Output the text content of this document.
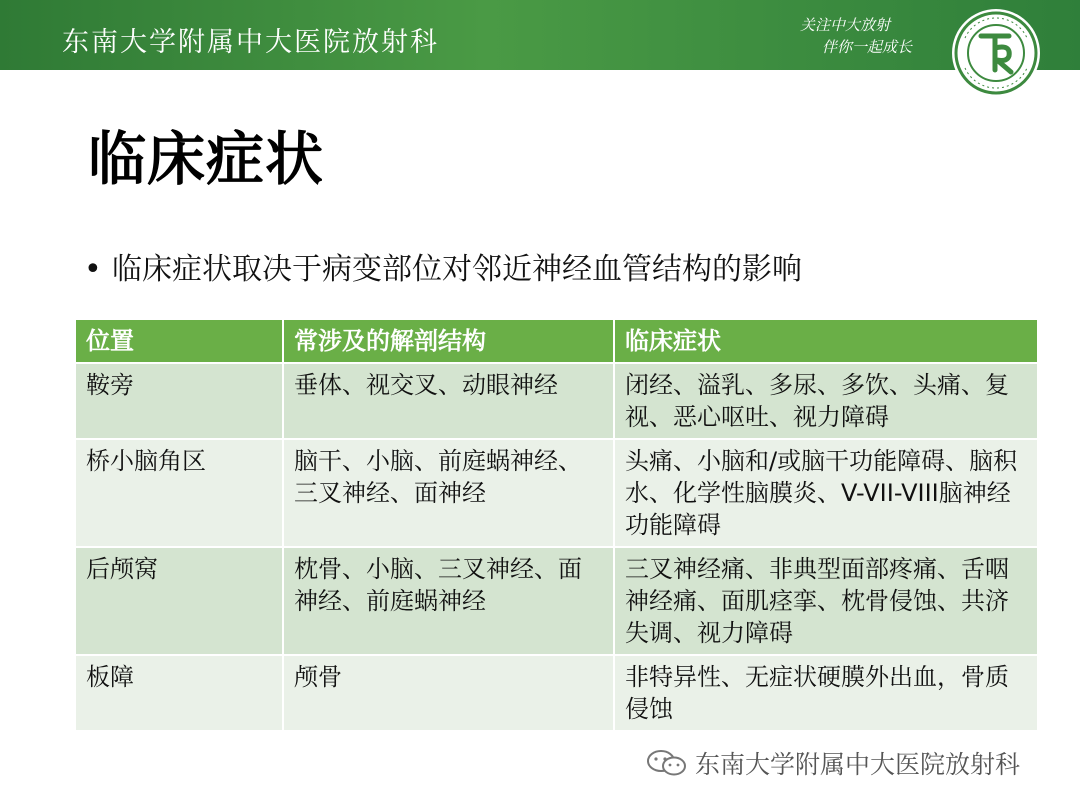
东南大学附属中大医院放射科
关注中大放射
伴你一起成长
临床症状
• 临床症状取决于病变部位对邻近神经血管结构的影响
位置	常涉及的解剖结构	临床症状
鞍旁	垂体、视交叉、动眼神经	闭经、溢乳、多尿、多饮、头痛、复视、恶心呕吐、视力障碍
桥小脑角区	脑干、小脑、前庭蜗神经、三叉神经、面神经	头痛、小脑和/或脑干功能障碍、脑积水、化学性脑膜炎、V-VII-VIII脑神经功能障碍
后颅窝	枕骨、小脑、三叉神经、面神经、前庭蜗神经	三叉神经痛、非典型面部疼痛、舌咽神经痛、面肌痉挛、枕骨侵蚀、共济失调、视力障碍
板障	颅骨	非特异性、无症状硬膜外出血，骨质侵蚀
东南大学附属中大医院放射科
